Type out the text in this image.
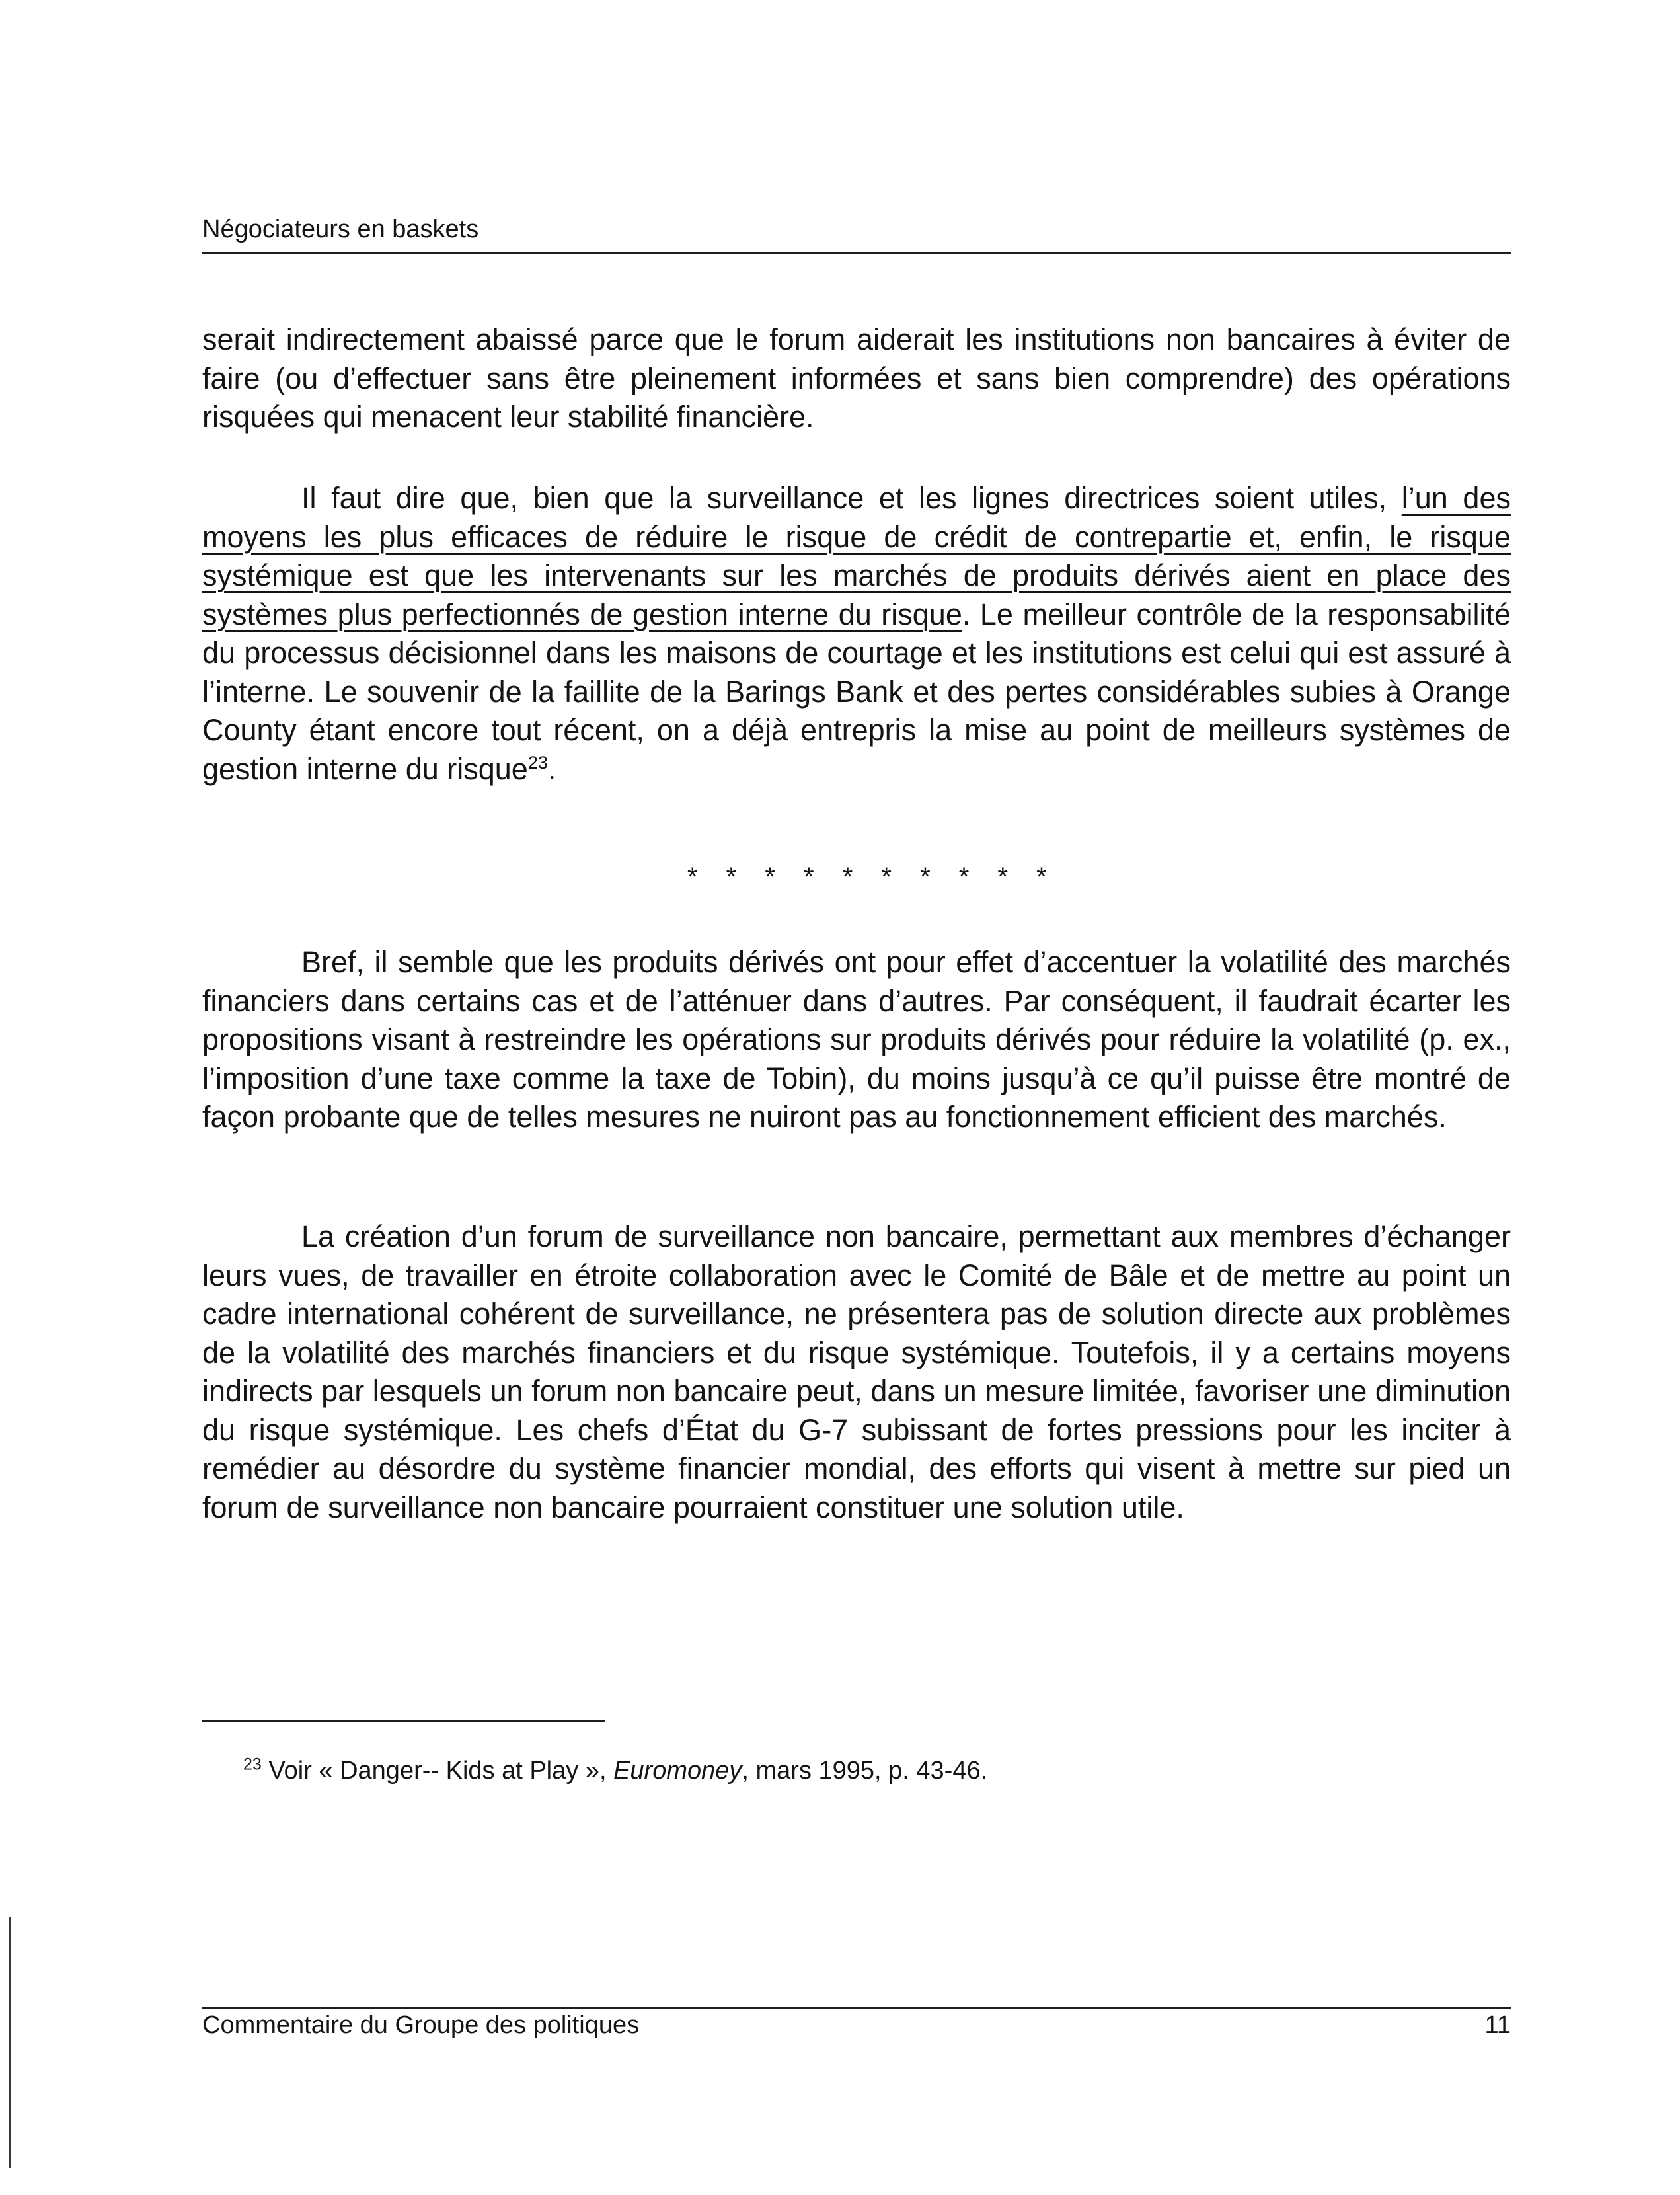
Négociateurs en baskets

serait indirectement abaissé parce que le forum aiderait les institutions non bancaires à éviter de faire (ou d’effectuer sans être pleinement informées et sans bien comprendre) des opérations risquées qui menacent leur stabilité financière.

Il faut dire que, bien que la surveillance et les lignes directrices soient utiles, l’un des moyens les plus efficaces de réduire le risque de crédit de contrepartie et, enfin, le risque systémique est que les intervenants sur les marchés de produits dérivés aient en place des systèmes plus perfectionnés de gestion interne du risque. Le meilleur contrôle de la responsabilité du processus décisionnel dans les maisons de courtage et les institutions est celui qui est assuré à l’interne. Le souvenir de la faillite de la Barings Bank et des pertes considérables subies à Orange County étant encore tout récent, on a déjà entrepris la mise au point de meilleurs systèmes de gestion interne du risque$^{23}$.

* * * * * * * * * *

Bref, il semble que les produits dérivés ont pour effet d’accentuer la volatilité des marchés financiers dans certains cas et de l’atténuer dans d’autres. Par conséquent, il faudrait écarter les propositions visant à restreindre les opérations sur produits dérivés pour réduire la volatilité (p. ex., l’imposition d’une taxe comme la taxe de Tobin), du moins jusqu’à ce qu’il puisse être montré de façon probante que de telles mesures ne nuiront pas au fonctionnement efficient des marchés.

La création d’un forum de surveillance non bancaire, permettant aux membres d’échanger leurs vues, de travailler en étroite collaboration avec le Comité de Bâle et de mettre au point un cadre international cohérent de surveillance, ne présentera pas de solution directe aux problèmes de la volatilité des marchés financiers et du risque systémique. Toutefois, il y a certains moyens indirects par lesquels un forum non bancaire peut, dans un mesure limitée, favoriser une diminution du risque systémique. Les chefs d’État du G-7 subissant de fortes pressions pour les inciter à remédier au désordre du système financier mondial, des efforts qui visent à mettre sur pied un forum de surveillance non bancaire pourraient constituer une solution utile.

$^{23}$ Voir « Danger-- Kids at Play », Euromoney, mars 1995, p. 43-46.
Commentaire du Groupe des politiques	11
